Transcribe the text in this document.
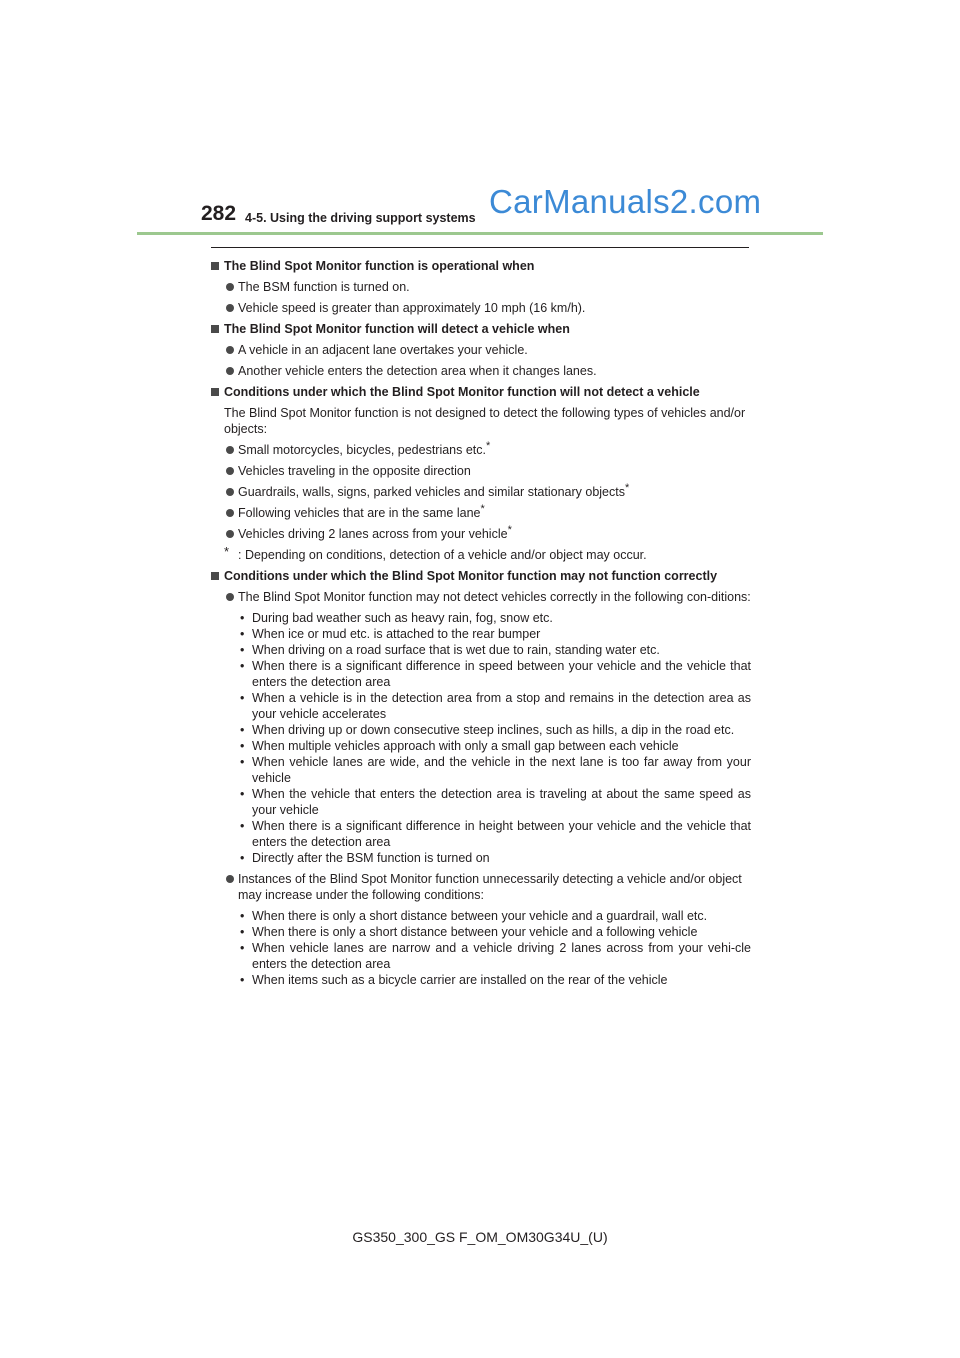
282 4-5. Using the driving support systems CarManuals2.com
The Blind Spot Monitor function is operational when
The BSM function is turned on.
Vehicle speed is greater than approximately 10 mph (16 km/h).
The Blind Spot Monitor function will detect a vehicle when
A vehicle in an adjacent lane overtakes your vehicle.
Another vehicle enters the detection area when it changes lanes.
Conditions under which the Blind Spot Monitor function will not detect a vehicle
The Blind Spot Monitor function is not designed to detect the following types of vehicles and/or objects:
Small motorcycles, bicycles, pedestrians etc.*
Vehicles traveling in the opposite direction
Guardrails, walls, signs, parked vehicles and similar stationary objects*
Following vehicles that are in the same lane*
Vehicles driving 2 lanes across from your vehicle*
* : Depending on conditions, detection of a vehicle and/or object may occur.
Conditions under which the Blind Spot Monitor function may not function correctly
The Blind Spot Monitor function may not detect vehicles correctly in the following con-ditions:
• During bad weather such as heavy rain, fog, snow etc.
• When ice or mud etc. is attached to the rear bumper
• When driving on a road surface that is wet due to rain, standing water etc.
• When there is a significant difference in speed between your vehicle and the vehicle that enters the detection area
• When a vehicle is in the detection area from a stop and remains in the detection area as your vehicle accelerates
• When driving up or down consecutive steep inclines, such as hills, a dip in the road etc.
• When multiple vehicles approach with only a small gap between each vehicle
• When vehicle lanes are wide, and the vehicle in the next lane is too far away from your vehicle
• When the vehicle that enters the detection area is traveling at about the same speed as your vehicle
• When there is a significant difference in height between your vehicle and the vehicle that enters the detection area
• Directly after the BSM function is turned on
Instances of the Blind Spot Monitor function unnecessarily detecting a vehicle and/or object may increase under the following conditions:
• When there is only a short distance between your vehicle and a guardrail, wall etc.
• When there is only a short distance between your vehicle and a following vehicle
• When vehicle lanes are narrow and a vehicle driving 2 lanes across from your vehi-cle enters the detection area
• When items such as a bicycle carrier are installed on the rear of the vehicle
GS350_300_GS F_OM_OM30G34U_(U)
